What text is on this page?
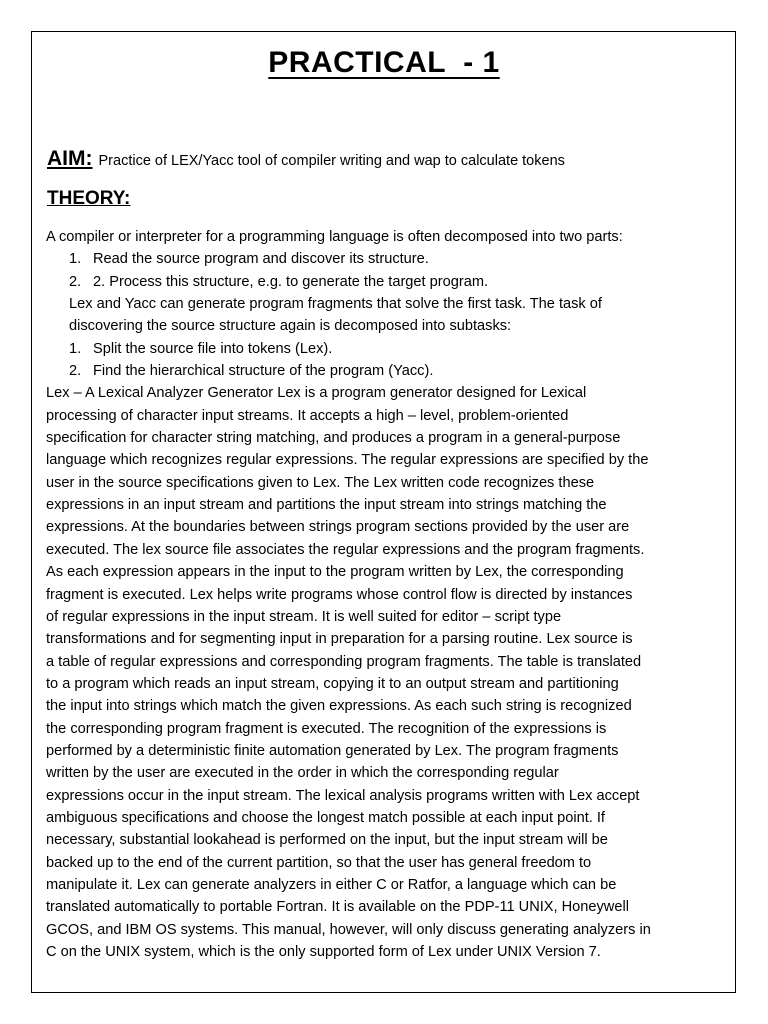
PRACTICAL  - 1
AIM: Practice of LEX/Yacc tool of compiler writing and wap to calculate tokens
THEORY:
A compiler or interpreter for a programming language is often decomposed into two parts:
1. Read the source program and discover its structure.
2. 2. Process this structure, e.g. to generate the target program.
Lex and Yacc can generate program fragments that solve the first task. The task of
discovering the source structure again is decomposed into subtasks:
1. Split the source file into tokens (Lex).
2. Find the hierarchical structure of the program (Yacc).
Lex – A Lexical Analyzer Generator Lex is a program generator designed for Lexical
processing of character input streams. It accepts a high – level, problem-oriented
specification for character string matching, and produces a program in a general-purpose
language which recognizes regular expressions. The regular expressions are specified by the
user in the source specifications given to Lex. The Lex written code recognizes these
expressions in an input stream and partitions the input stream into strings matching the
expressions. At the boundaries between strings program sections provided by the user are
executed. The lex source file associates the regular expressions and the program fragments.
As each expression appears in the input to the program written by Lex, the corresponding
fragment is executed. Lex helps write programs whose control flow is directed by instances
of regular expressions in the input stream. It is well suited for editor – script type
transformations and for segmenting input in preparation for a parsing routine. Lex source is
a table of regular expressions and corresponding program fragments. The table is translated
to a program which reads an input stream, copying it to an output stream and partitioning
the input into strings which match the given expressions. As each such string is recognized
the corresponding program fragment is executed. The recognition of the expressions is
performed by a deterministic finite automation generated by Lex. The program fragments
written by the user are executed in the order in which the corresponding regular
expressions occur in the input stream. The lexical analysis programs written with Lex accept
ambiguous specifications and choose the longest match possible at each input point. If
necessary, substantial lookahead is performed on the input, but the input stream will be
backed up to the end of the current partition, so that the user has general freedom to
manipulate it. Lex can generate analyzers in either C or Ratfor, a language which can be
translated automatically to portable Fortran. It is available on the PDP-11 UNIX, Honeywell
GCOS, and IBM OS systems. This manual, however, will only discuss generating analyzers in
C on the UNIX system, which is the only supported form of Lex under UNIX Version 7.
